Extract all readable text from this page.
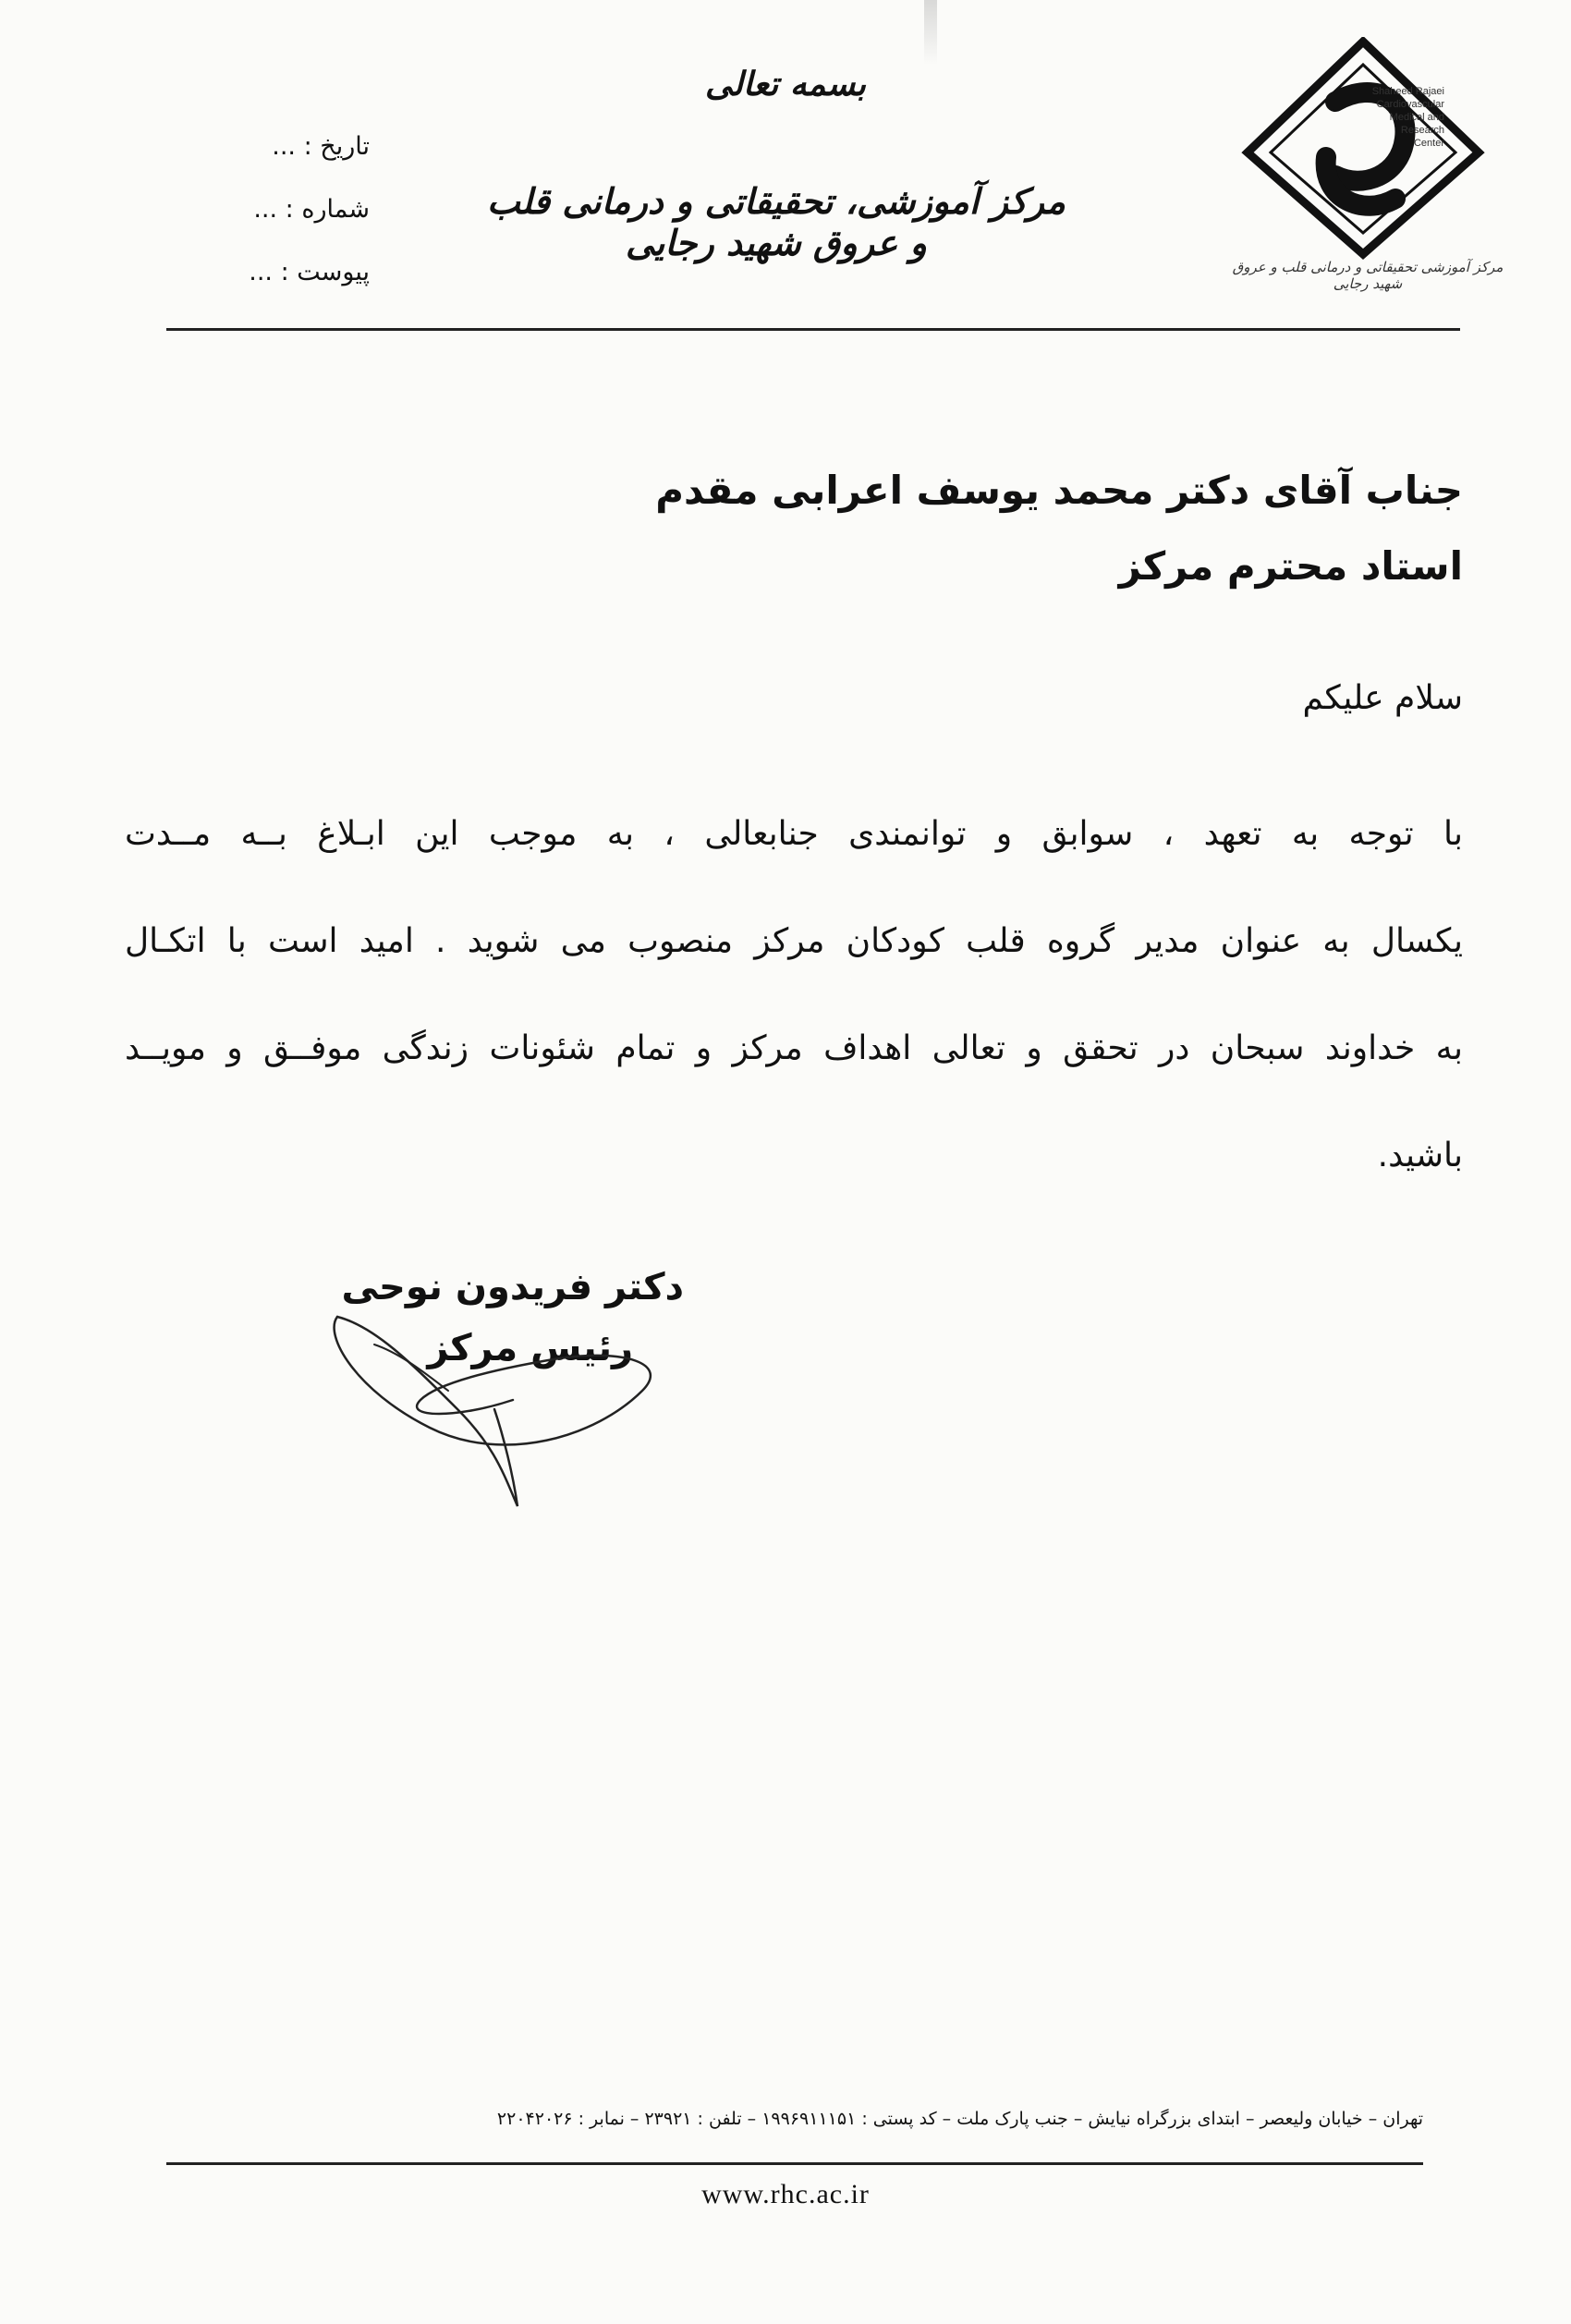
Shaheed Rajaei
Cardiovascular
Medical and
Research
Center
مرکز آموزشی تحقیقاتی و درمانی قلب و عروق شهید رجایی
بسمه تعالی
مرکز آموزشی، تحقیقاتی و درمانی قلب و عروق شهید رجایی
تاریخ : ...
شماره : ...
پیوست : ...
جناب آقای دکتر محمد یوسف اعرابی مقدم
استاد محترم مرکز
سلام علیکم
با توجه به تعهد ، سوابق و توانمندی جنابعالی ، به موجب این ابـلاغ بــه مــدت
یکسال به عنوان مدیر گروه قلب کودکان مرکز منصوب می شوید . امید است با اتکـال
به خداوند سبحان در تحقق و تعالی اهداف مرکز و تمام شئونات زندگی موفــق و مویــد
باشید.
دکتر فریدون نوحی
رئیس مرکز
تهران – خیابان ولیعصر – ابتدای بزرگراه نیایش – جنب پارک ملت – کد پستی : ۱۹۹۶۹۱۱۱۵۱ – تلفن : ۲۳۹۲۱ – نمابر : ۲۲۰۴۲۰۲۶
www.rhc.ac.ir
